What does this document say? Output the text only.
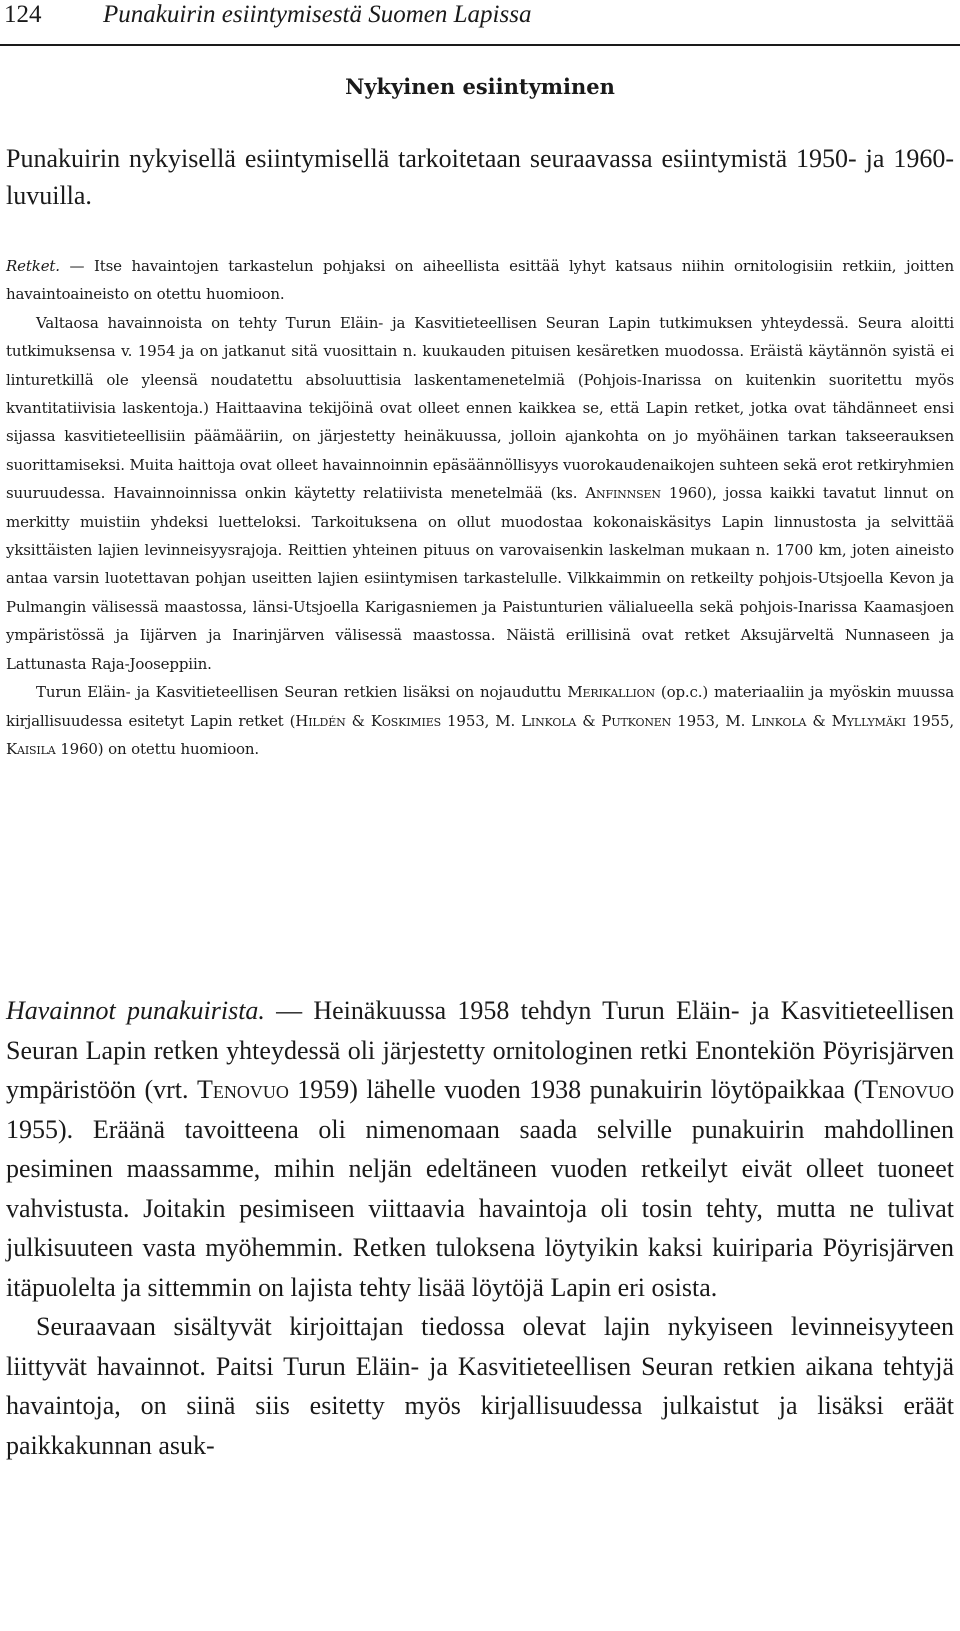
124 Punakuirin esiintymisestä Suomen Lapissa
Nykyinen esiintyminen

Punakuirin nykyisellä esiintymisellä tarkoitetaan seuraavassa esiintymistä 1950- ja 1960-luvuilla.

Retket. — Itse havaintojen tarkastelun pohjaksi on aiheellista esittää lyhyt katsaus niihin ornitologisiin retkiin, joitten havaintoaineisto on otettu huomioon.

Valtaosa havainnoista on tehty Turun Eläin- ja Kasvitieteellisen Seuran Lapin tutkimuksen yhteydessä. Seura aloitti tutkimuksensa v. 1954 ja on jatkanut sitä vuosittain n. kuukauden pituisen kesäretken muodossa. Eräistä käytännön syistä ei linturetkillä ole yleensä noudatettu absoluuttisia laskentamenetelmiä (Pohjois-Inarissa on kuitenkin suoritettu myös kvantitatiivisia laskentoja.) Haittaavina tekijöinä ovat olleet ennen kaikkea se, että Lapin retket, jotka ovat tähdänneet ensi sijassa kasvitieteellisiin päämääriin, on järjestetty heinäkuussa, jolloin ajankohta on jo myöhäinen tarkan takseerauksen suorittamiseksi. Muita haittoja ovat olleet havainnoinnin epäsäännöllisyys vuorokaudenaikojen suhteen sekä erot retkiryhmien suuruudessa. Havainnoinnissa onkin käytetty relatiivista menetelmää (ks. Anfinnsen 1960), jossa kaikki tavatut linnut on merkitty muistiin yhdeksi luetteloksi. Tarkoituksena on ollut muodostaa kokonaiskäsitys Lapin linnustosta ja selvittää yksittäisten lajien levinneisyysrajoja. Reittien yhteinen pituus on varovaisenkin laskelman mukaan n. 1700 km, joten aineisto antaa varsin luotettavan pohjan useitten lajien esiintymisen tarkastelulle. Vilkkaimmin on retkeilty pohjois-Utsjoella Kevon ja Pulmangin välisessä maastossa, länsi-Utsjoella Karigasniemen ja Paistunturien välialueella sekä pohjois-Inarissa Kaamasjoen ympäristössä ja Iijärven ja Inarinjärven välisessä maastossa. Näistä erillisinä ovat retket Aksujärveltä Nunnaseen ja Lattunasta Raja-Jooseppiin.

Turun Eläin- ja Kasvitieteellisen Seuran retkien lisäksi on nojauduttu Merikallion (op.c.) materiaaliin ja myöskin muussa kirjallisuudessa esitetyt Lapin retket (Hildén & Koskimies 1953, M. Linkola & Putkonen 1953, M. Linkola & Myllymäki 1955, Kaisila 1960) on otettu huomioon.

Havainnot punakuirista. — Heinäkuussa 1958 tehdyn Turun Eläin- ja Kasvitieteellisen Seuran Lapin retken yhteydessä oli järjestetty ornitologinen retki Enontekiön Pöyrisjärven ympäristöön (vrt. Tenovuo 1959) lähelle vuoden 1938 punakuirin löytöpaikkaa (Tenovuo 1955). Eräänä tavoitteena oli nimenomaan saada selville punakuirin mahdollinen pesiminen maassamme, mihin neljän edeltäneen vuoden retkeilyt eivät olleet tuoneet vahvistusta. Joitakin pesimiseen viittaavia havaintoja oli tosin tehty, mutta ne tulivat julkisuuteen vasta myöhemmin. Retken tuloksena löytyikin kaksi kuiriparia Pöyrisjärven itäpuolelta ja sittemmin on lajista tehty lisää löytöjä Lapin eri osista.

Seuraavaan sisältyvät kirjoittajan tiedossa olevat lajin nykyiseen levinneisyyteen liittyvät havainnot. Paitsi Turun Eläin- ja Kasvitieteellisen Seuran retkien aikana tehtyjä havaintoja, on siinä siis esitetty myös kirjallisuudessa julkaistut ja lisäksi eräät paikkakunnan asuk-
